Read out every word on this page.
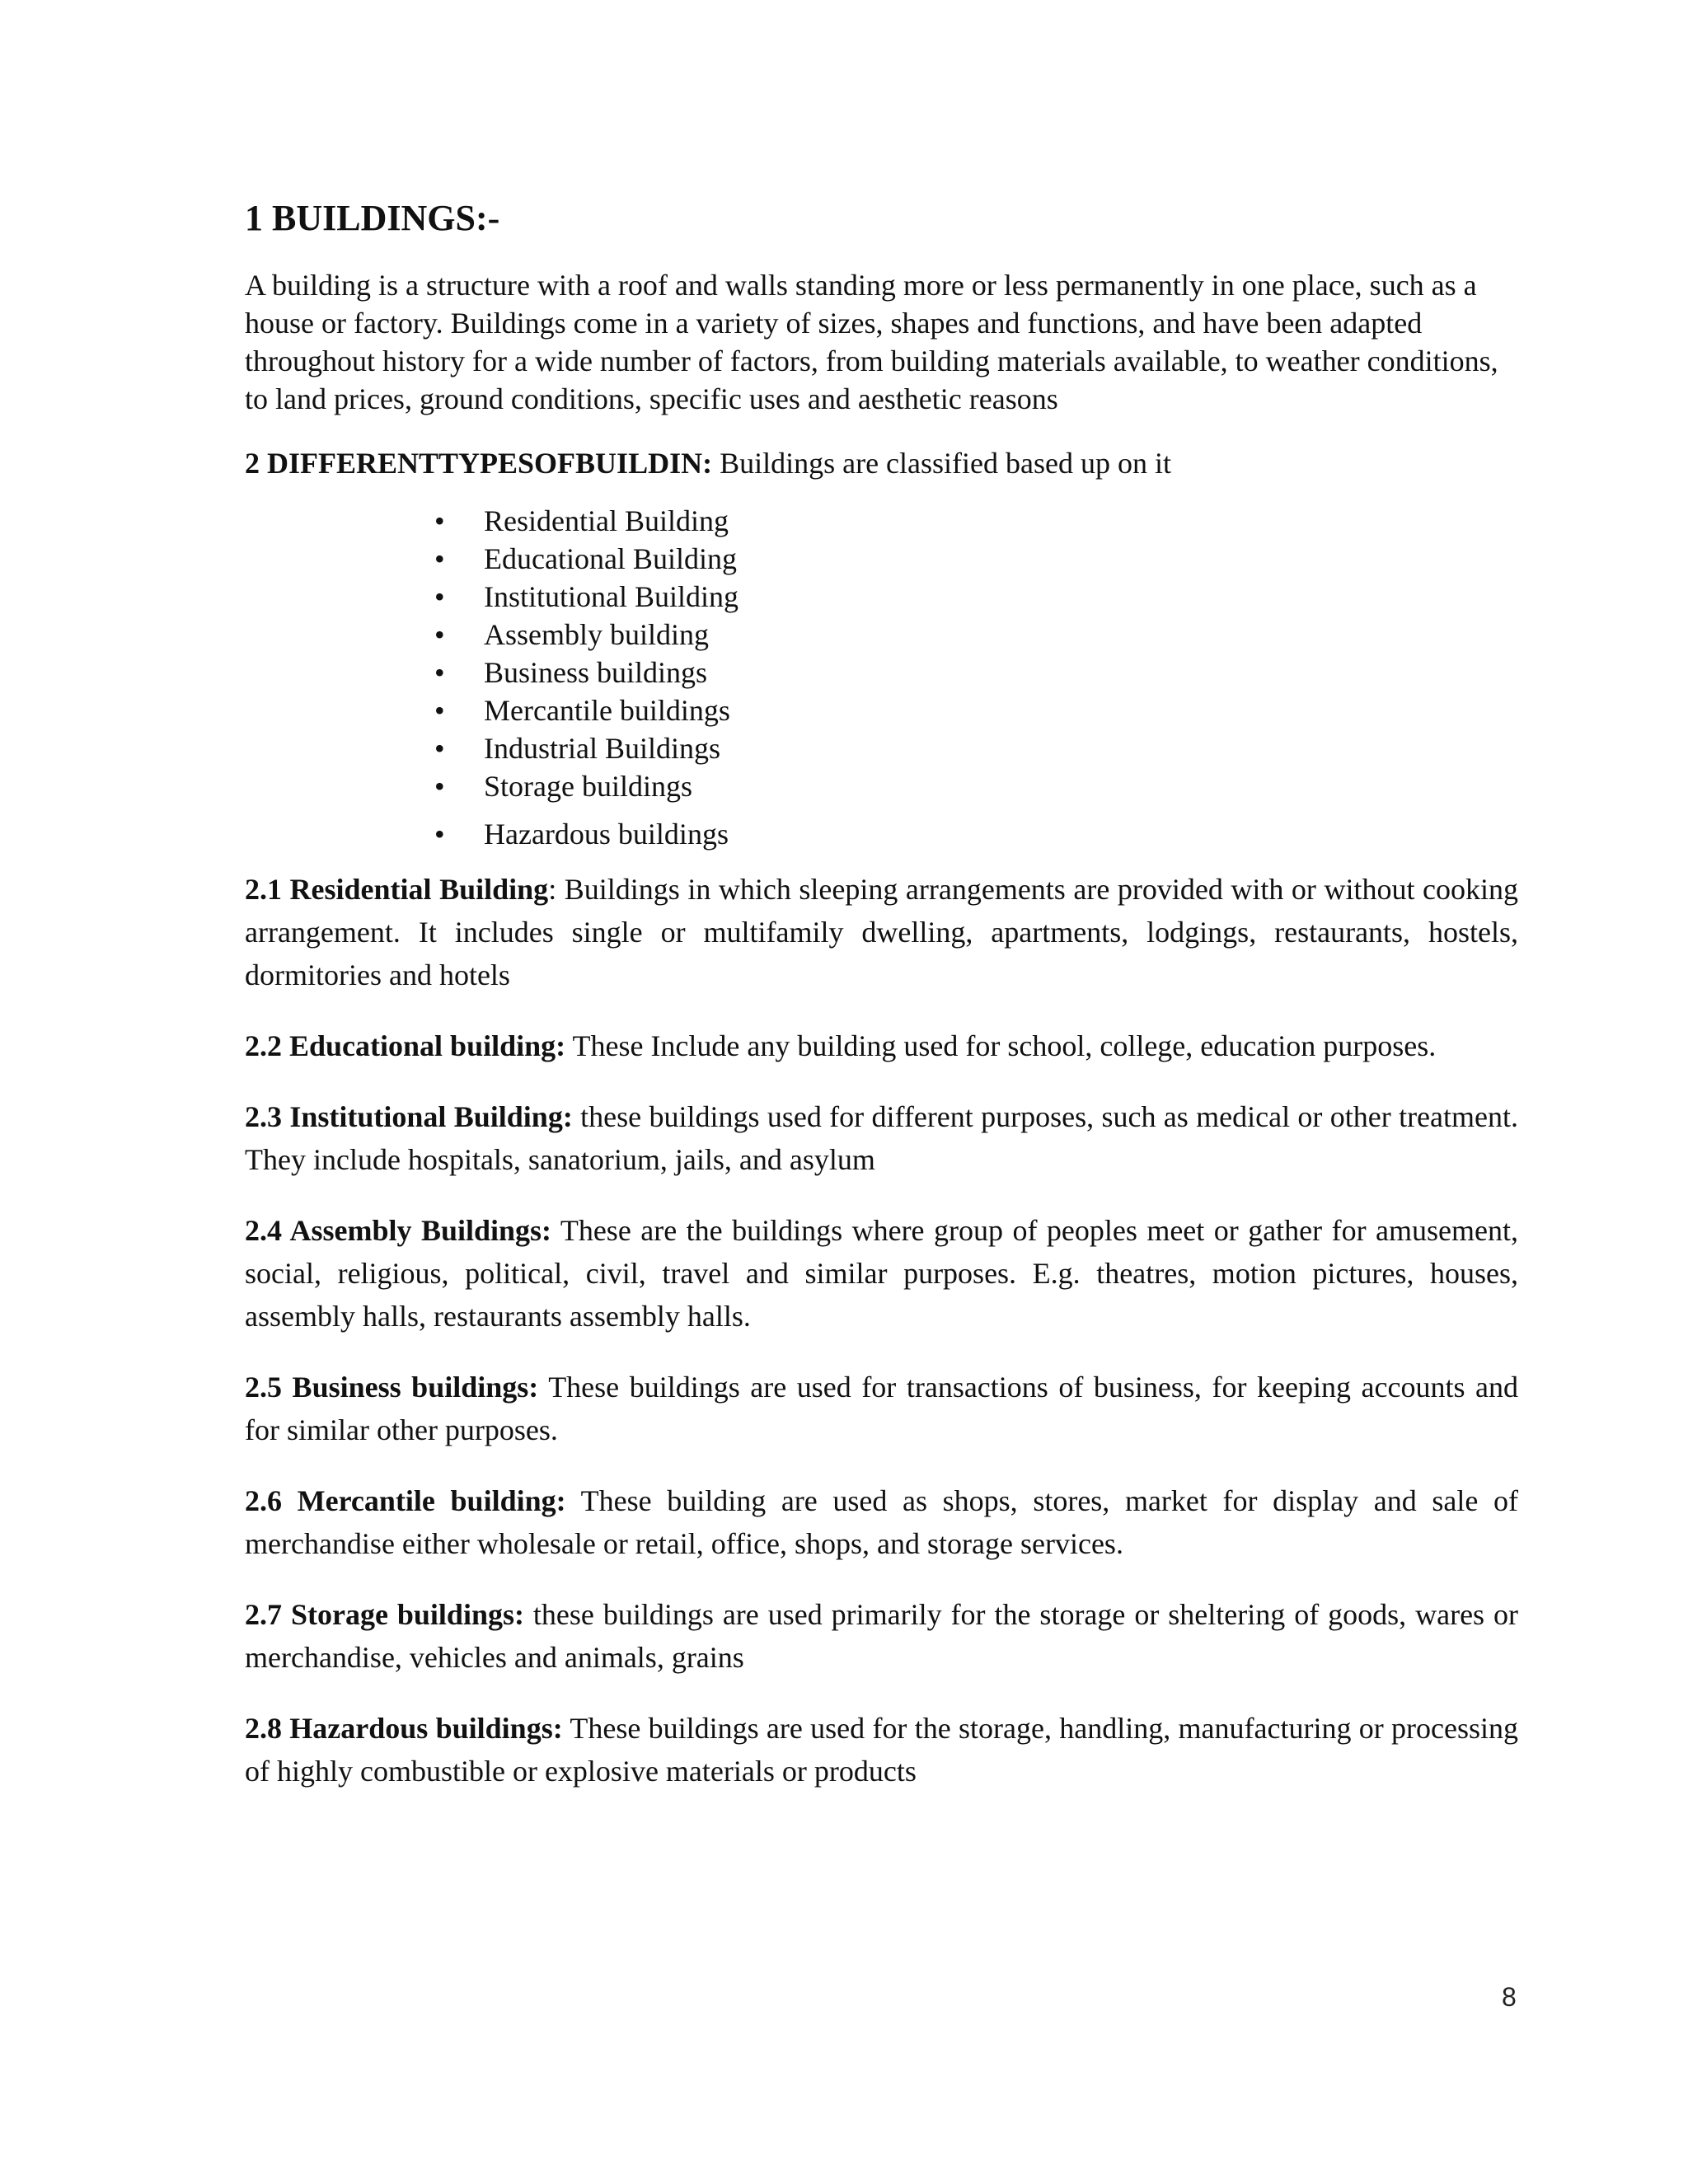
1 BUILDINGS:-

A building is a structure with a roof and walls standing more or less permanently in one place, such as a house or factory. Buildings come in a variety of sizes, shapes and functions, and have been adapted throughout history for a wide number of factors, from building materials available, to weather conditions, to land prices, ground conditions, specific uses and aesthetic reasons

2 DIFFERENTTYPESOFBUILDIN: Buildings are classified based up on it

• Residential Building
• Educational Building
• Institutional Building
• Assembly building
• Business buildings
• Mercantile buildings
• Industrial Buildings
• Storage buildings
• Hazardous buildings

2.1 Residential Building: Buildings in which sleeping arrangements are provided with or without cooking arrangement. It includes single or multifamily dwelling, apartments, lodgings, restaurants, hostels, dormitories and hotels

2.2 Educational building: These Include any building used for school, college, education purposes.

2.3 Institutional Building: these buildings used for different purposes, such as medical or other treatment. They include hospitals, sanatorium, jails, and asylum

2.4 Assembly Buildings: These are the buildings where group of peoples meet or gather for amusement, social, religious, political, civil, travel and similar purposes. E.g. theatres, motion pictures, houses, assembly halls, restaurants assembly halls.

2.5 Business buildings: These buildings are used for transactions of business, for keeping accounts and for similar other purposes.

2.6 Mercantile building: These building are used as shops, stores, market for display and sale of merchandise either wholesale or retail, office, shops, and storage services.

2.7 Storage buildings: these buildings are used primarily for the storage or sheltering of goods, wares or merchandise, vehicles and animals, grains

2.8 Hazardous buildings: These buildings are used for the storage, handling, manufacturing or processing of highly combustible or explosive materials or products

8
